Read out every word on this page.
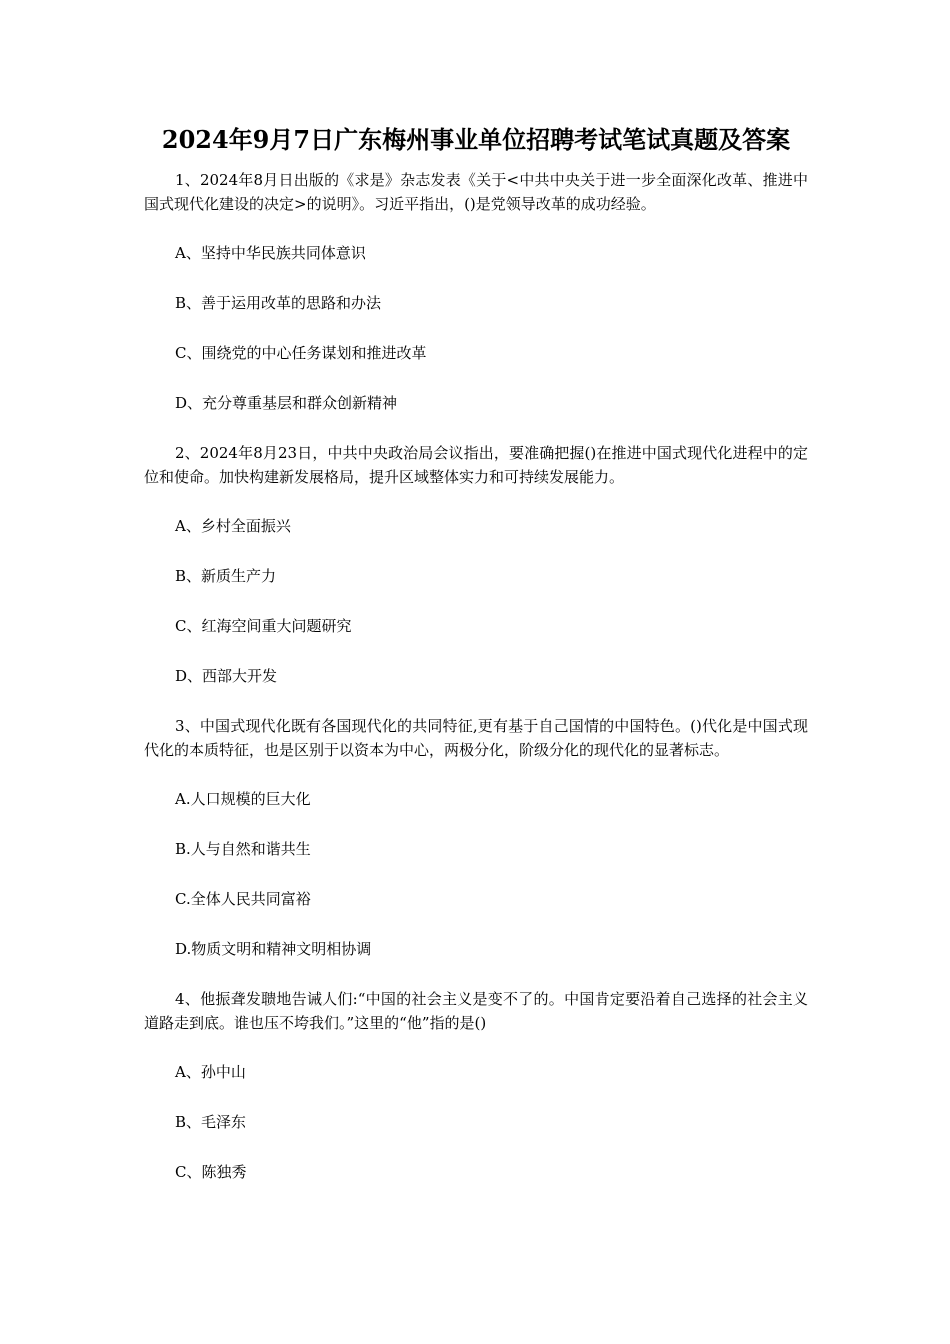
2024年9月7日广东梅州事业单位招聘考试笔试真题及答案

1、2024年8月日出版的《求是》杂志发表《关于<中共中央关于进一步全面深化改革、推进中国式现代化建设的决定>的说明》。习近平指出，()是党领导改革的成功经验。

A、坚持中华民族共同体意识

B、善于运用改革的思路和办法

C、围绕党的中心任务谋划和推进改革

D、充分尊重基层和群众创新精神

2、2024年8月23日，中共中央政治局会议指出，要准确把握()在推进中国式现代化进程中的定位和使命。加快构建新发展格局，提升区域整体实力和可持续发展能力。

A、乡村全面振兴

B、新质生产力

C、红海空间重大问题研究

D、西部大开发

3、中国式现代化既有各国现代化的共同特征,更有基于自己国情的中国特色。()代化是中国式现代化的本质特征，也是区别于以资本为中心，两极分化，阶级分化的现代化的显著标志。

A.人口规模的巨大化

B.人与自然和谐共生

C.全体人民共同富裕

D.物质文明和精神文明相协调

4、他振聋发聩地告诫人们:“中国的社会主义是变不了的。中国肯定要沿着自己选择的社会主义道路走到底。谁也压不垮我们。”这里的“他”指的是()

A、孙中山

B、毛泽东

C、陈独秀
